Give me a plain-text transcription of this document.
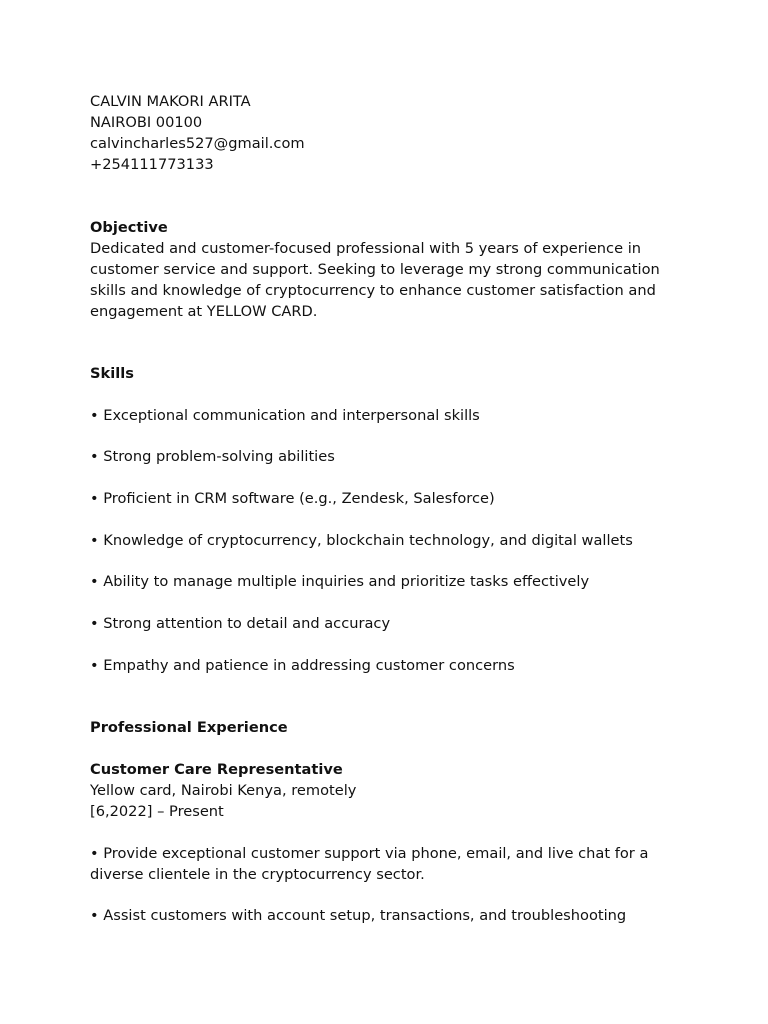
CALVIN MAKORI ARITA
NAIROBI 00100
calvincharles527@gmail.com
+254111773133
Objective

Dedicated and customer-focused professional with 5 years of experience in customer service and support. Seeking to leverage my strong communication skills and knowledge of cryptocurrency to enhance customer satisfaction and engagement at YELLOW CARD.

Skills
• Exceptional communication and interpersonal skills
• Strong problem-solving abilities
• Proficient in CRM software (e.g., Zendesk, Salesforce)
• Knowledge of cryptocurrency, blockchain technology, and digital wallets
• Ability to manage multiple inquiries and prioritize tasks effectively
• Strong attention to detail and accuracy
• Empathy and patience in addressing customer concerns
Professional Experience
Customer Care Representative
Yellow card, Nairobi Kenya, remotely
[6,2022] – Present

• Provide exceptional customer support via phone, email, and live chat for a diverse clientele in the cryptocurrency sector.

• Assist customers with account setup, transactions, and troubleshooting
